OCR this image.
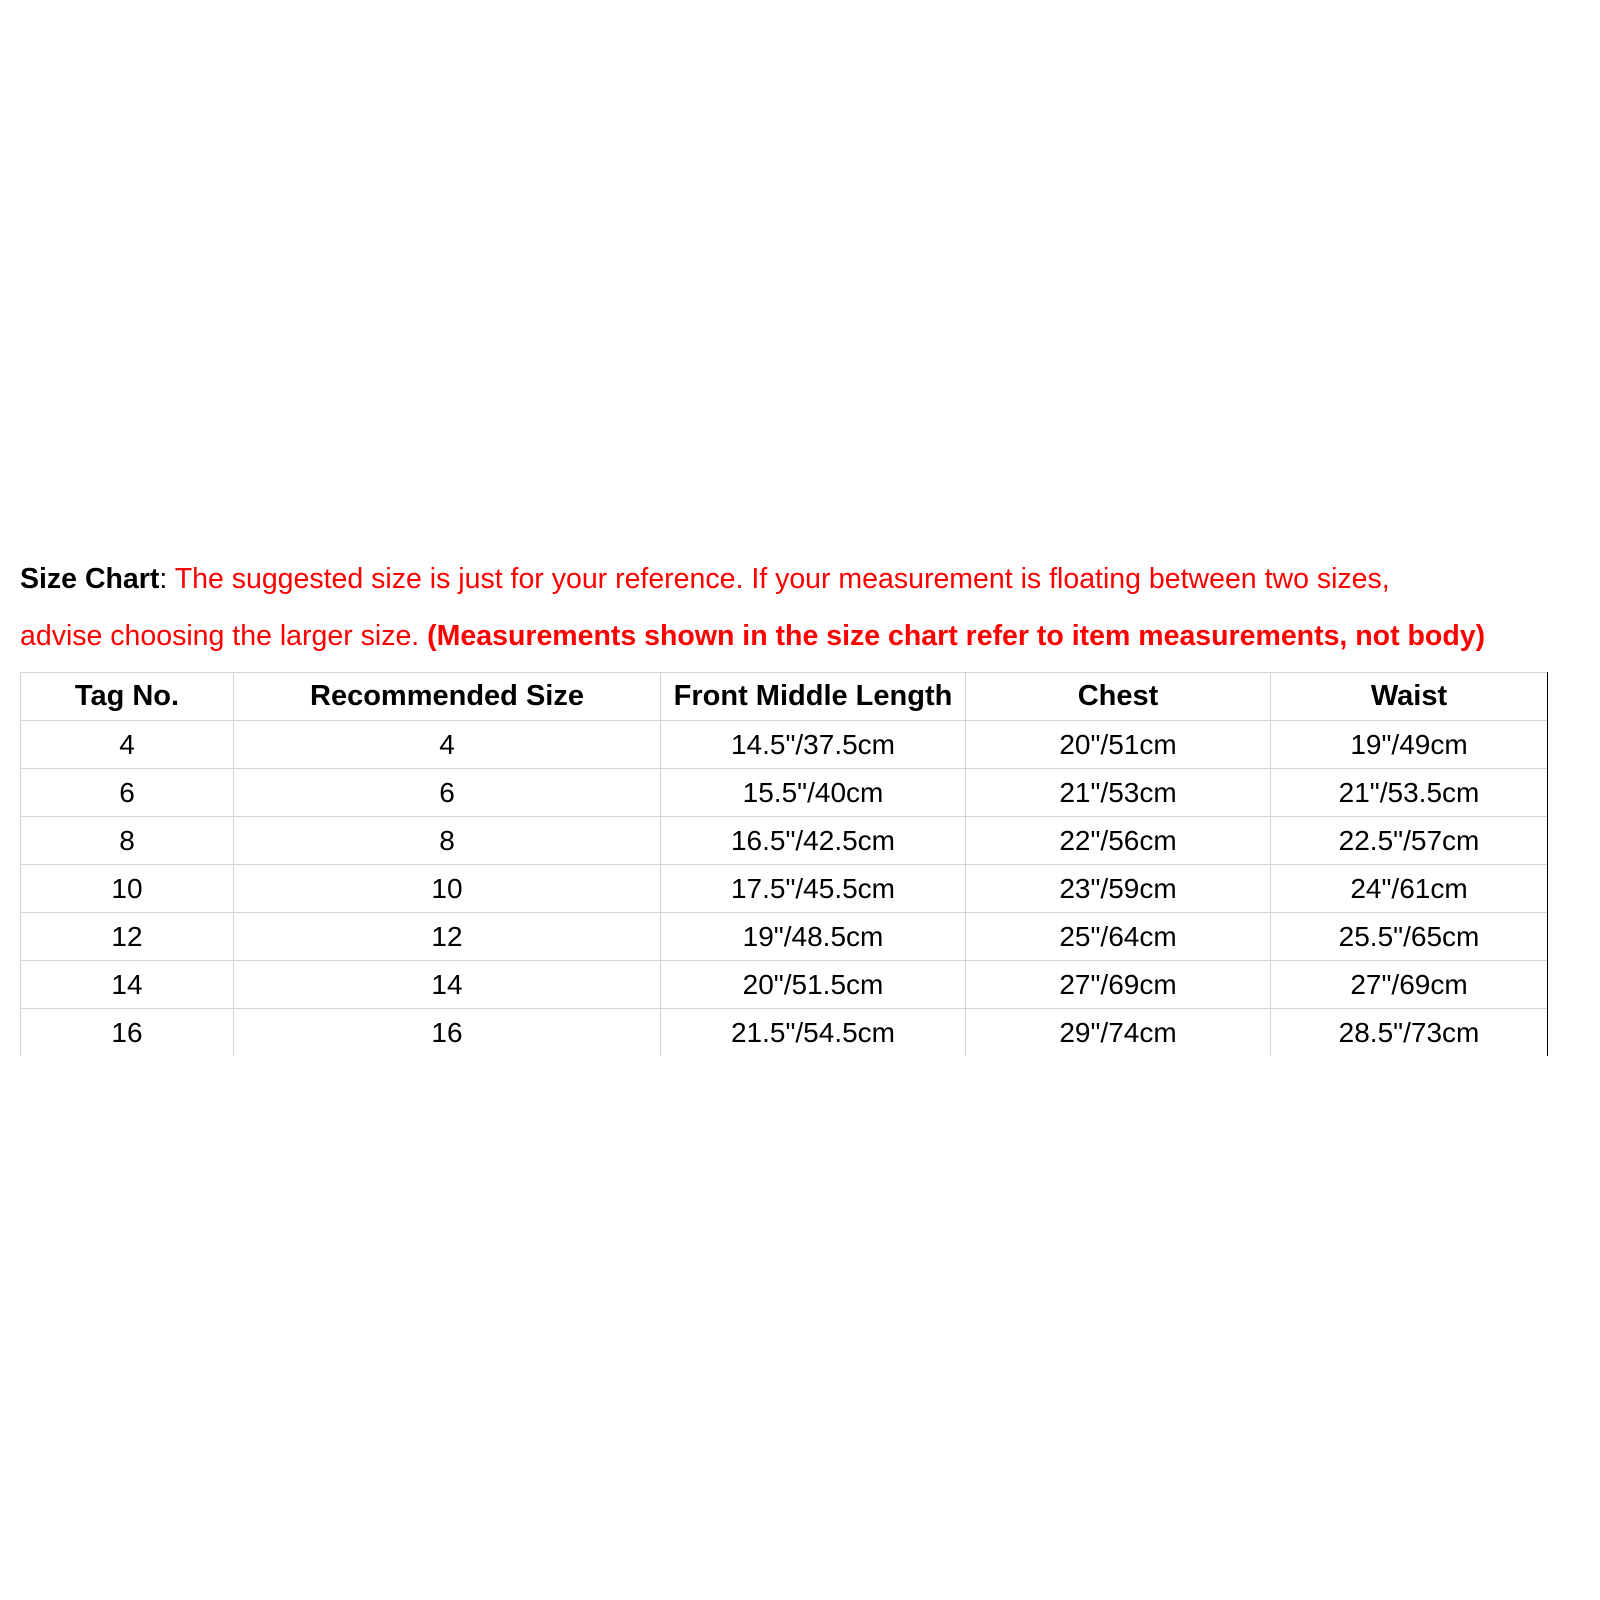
Size Chart: The suggested size is just for your reference. If your measurement is floating between two sizes,
advise choosing the larger size. (Measurements shown in the size chart refer to item measurements, not body)
Tag No.	Recommended Size	Front Middle Length	Chest	Waist
4	4	14.5"/37.5cm	20"/51cm	19"/49cm
6	6	15.5"/40cm	21"/53cm	21"/53.5cm
8	8	16.5"/42.5cm	22"/56cm	22.5"/57cm
10	10	17.5"/45.5cm	23"/59cm	24"/61cm
12	12	19"/48.5cm	25"/64cm	25.5"/65cm
14	14	20"/51.5cm	27"/69cm	27"/69cm
16	16	21.5"/54.5cm	29"/74cm	28.5"/73cm
